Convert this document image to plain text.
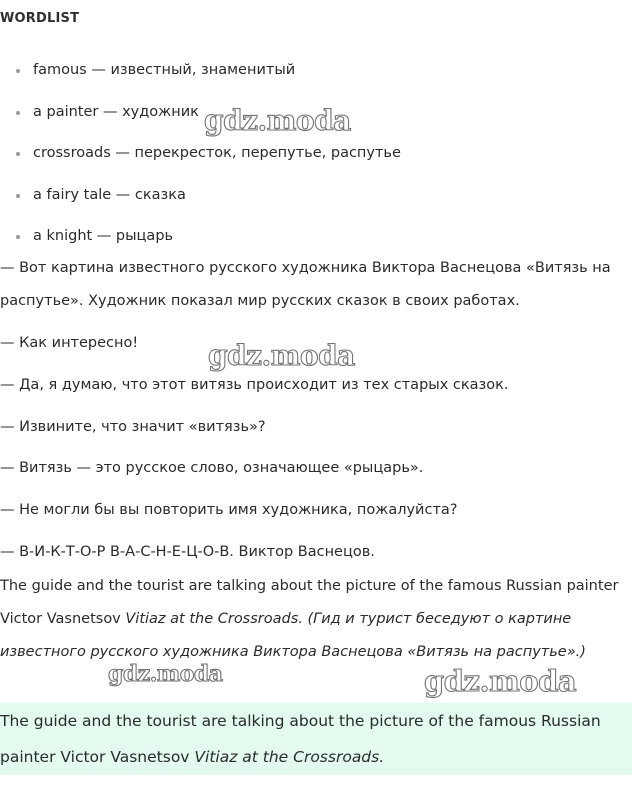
WORDLIST
famous — известный, знаменитый
a painter — художник
crossroads — перекресток, перепутье, распутье
a fairy tale — сказка
a knight — рыцарь

— Вот картина известного русского художника Виктора Васнецова «Витязь на распутье». Художник показал мир русских сказок в своих работах.

— Как интересно!

— Да, я думаю, что этот витязь происходит из тех старых сказок.

— Извините, что значит «витязь»?

— Витязь — это русское слово, означающее «рыцарь».

— Не могли бы вы повторить имя художника, пожалуйста?

— В-И-К-Т-О-Р В-А-С-Н-Е-Ц-О-В. Виктор Васнецов.

The guide and the tourist are talking about the picture of the famous Russian painter Victor Vasnetsov Vitiaz at the Crossroads. (Гид и турист беседуют о картине известного русского художника Виктора Васнецова «Витязь на распутье».)

The guide and the tourist are talking about the picture of the famous Russian painter Victor Vasnetsov Vitiaz at the Crossroads.
gdz.moda
gdz.moda
gdz.moda	gdz.moda
